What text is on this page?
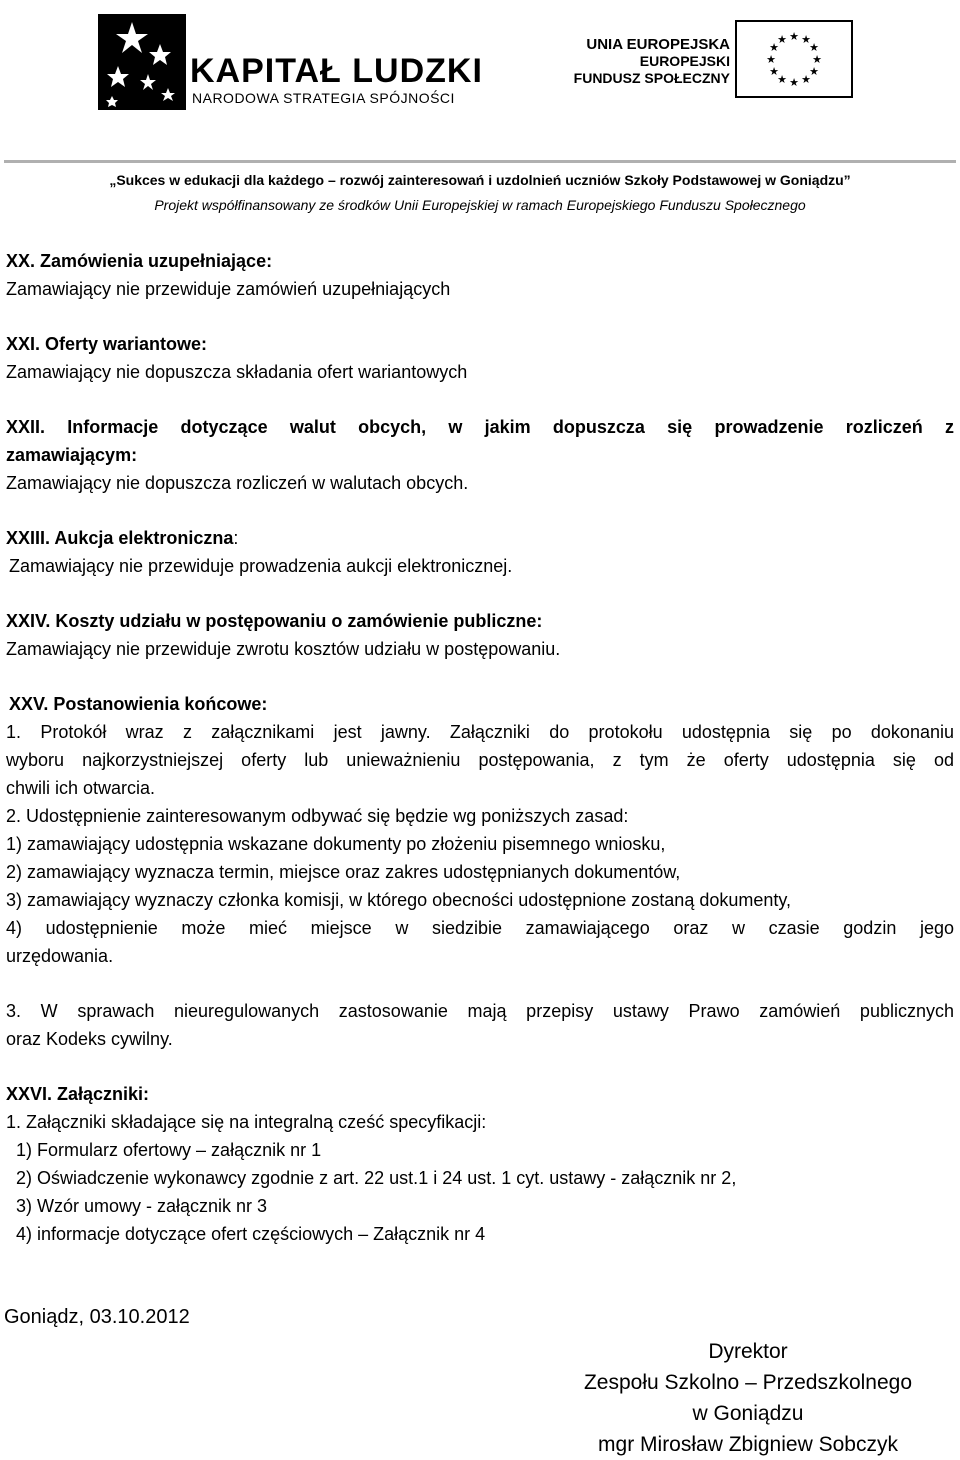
KAPITAŁ LUDZKI
NARODOWA STRATEGIA SPÓJNOŚCI
UNIA EUROPEJSKA
EUROPEJSKI
FUNDUSZ SPOŁECZNY
★ ★
★
★
★
★
★
★
★
★
★
★
„Sukces w edukacji dla każdego – rozwój zainteresowań i uzdolnień uczniów Szkoły Podstawowej w Goniądzu”
Projekt współfinansowany ze środków Unii Europejskiej w ramach Europejskiego Funduszu Społecznego
XX. Zamówienia uzupełniające:
Zamawiający nie przewiduje zamówień uzupełniających
XXI. Oferty wariantowe:
Zamawiający nie dopuszcza składania ofert wariantowych
XXII. Informacje dotyczące walut obcych, w jakim dopuszcza się prowadzenie rozliczeń z
zamawiającym:
Zamawiający nie dopuszcza rozliczeń w walutach obcych.
XXIII. Aukcja elektroniczna:
Zamawiający nie przewiduje prowadzenia aukcji elektronicznej.
XXIV. Koszty udziału w postępowaniu o zamówienie publiczne:
Zamawiający nie przewiduje zwrotu kosztów udziału w postępowaniu.
XXV. Postanowienia końcowe:
1. Protokół wraz z załącznikami jest jawny. Załączniki do protokołu udostępnia się po dokonaniu
wyboru najkorzystniejszej oferty lub unieważnieniu postępowania, z tym że oferty udostępnia się od
chwili ich otwarcia.
2. Udostępnienie zainteresowanym odbywać się będzie wg poniższych zasad:
1) zamawiający udostępnia wskazane dokumenty po złożeniu pisemnego wniosku,
2) zamawiający wyznacza termin, miejsce oraz zakres udostępnianych dokumentów,
3) zamawiający wyznaczy członka komisji, w którego obecności udostępnione zostaną dokumenty,
4) udostępnienie może mieć miejsce w siedzibie zamawiającego oraz w czasie godzin jego
urzędowania.
3. W sprawach nieuregulowanych zastosowanie mają przepisy ustawy Prawo zamówień publicznych
oraz Kodeks cywilny.
XXVI. Załączniki:
1. Załączniki składające się na integralną cześć specyfikacji:
1) Formularz ofertowy – załącznik nr 1
2) Oświadczenie wykonawcy zgodnie z art. 22 ust.1 i 24 ust. 1 cyt. ustawy - załącznik nr 2,
3) Wzór umowy - załącznik nr 3
4) informacje dotyczące ofert częściowych – Załącznik nr 4
Goniądz, 03.10.2012
Dyrektor
Zespołu Szkolno – Przedszkolnego
w Goniądzu
mgr Mirosław Zbigniew Sobczyk
